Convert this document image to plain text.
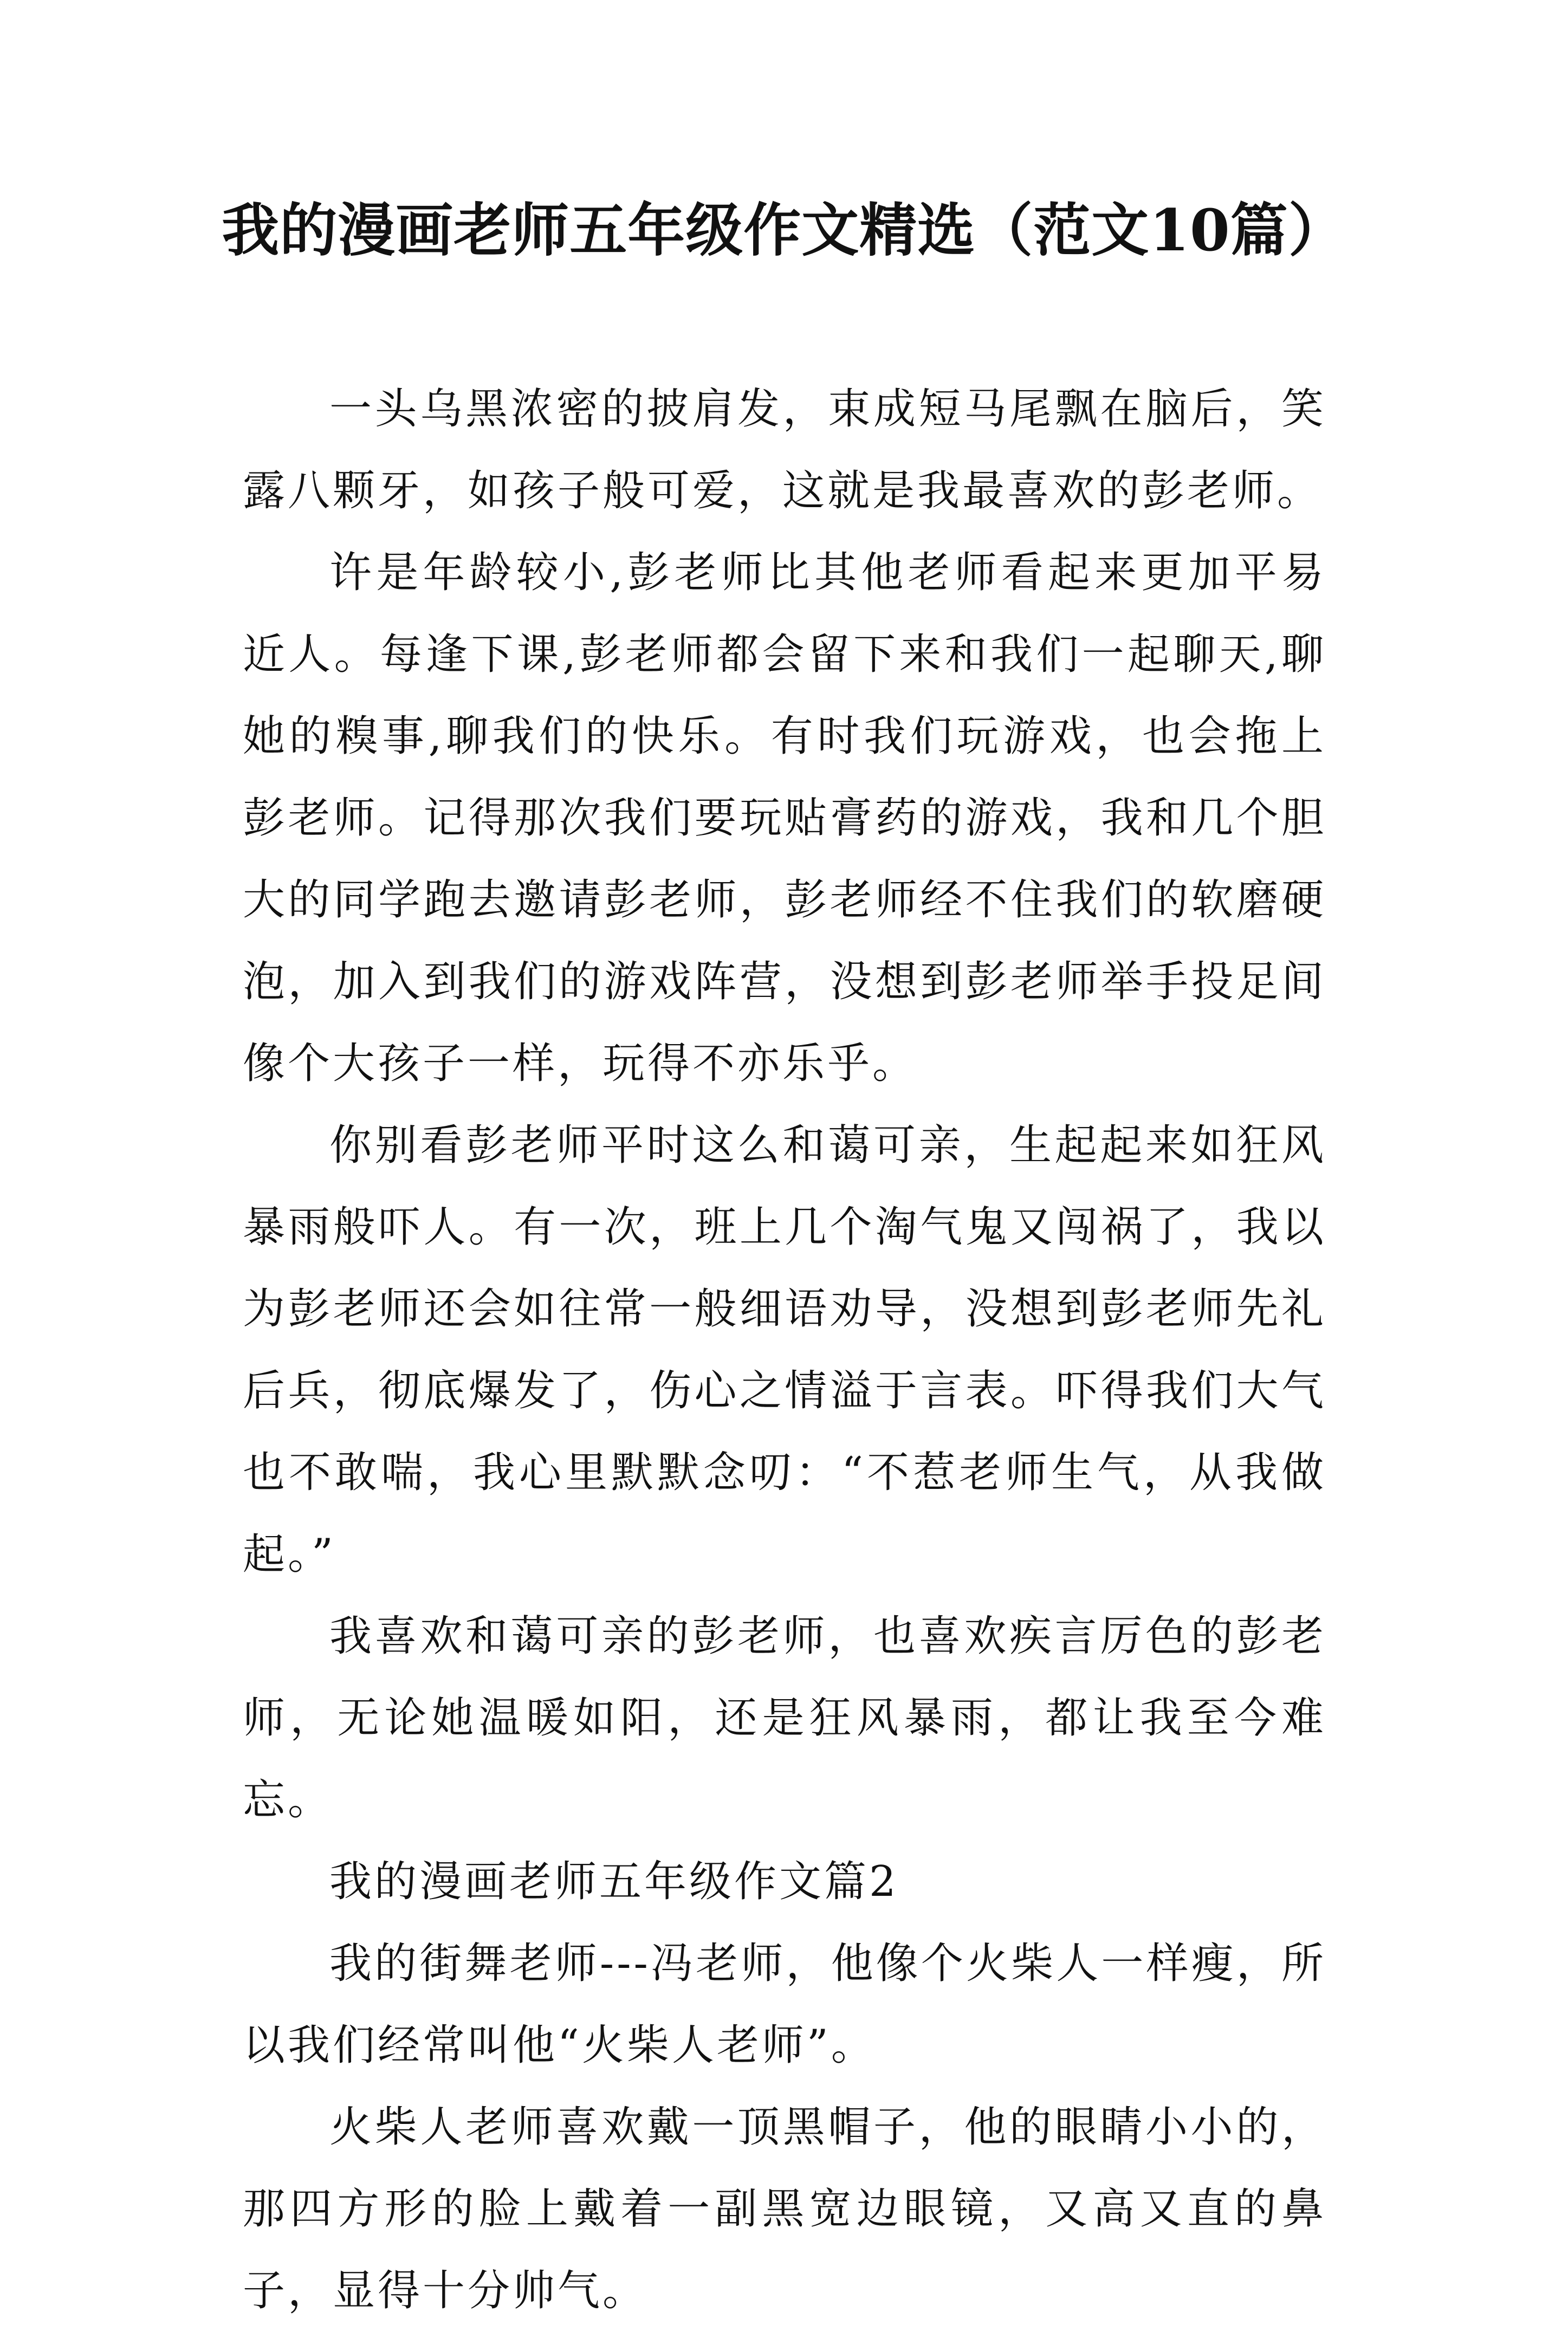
我的漫画老师五年级作文精选（范文10篇）

一头乌黑浓密的披肩发，束成短马尾飘在脑后，笑露八颗牙，如孩子般可爱，这就是我最喜欢的彭老师。

许是年龄较小,彭老师比其他老师看起来更加平易近人。每逢下课,彭老师都会留下来和我们一起聊天,聊她的糗事,聊我们的快乐。有时我们玩游戏，也会拖上彭老师。记得那次我们要玩贴膏药的游戏，我和几个胆大的同学跑去邀请彭老师，彭老师经不住我们的软磨硬泡，加入到我们的游戏阵营，没想到彭老师举手投足间像个大孩子一样，玩得不亦乐乎。

你别看彭老师平时这么和蔼可亲，生起起来如狂风暴雨般吓人。有一次，班上几个淘气鬼又闯祸了，我以为彭老师还会如往常一般细语劝导，没想到彭老师先礼后兵，彻底爆发了，伤心之情溢于言表。吓得我们大气也不敢喘，我心里默默念叨：“不惹老师生气，从我做起。”

我喜欢和蔼可亲的彭老师，也喜欢疾言厉色的彭老师，无论她温暖如阳，还是狂风暴雨，都让我至今难忘。

我的漫画老师五年级作文篇2

我的街舞老师---冯老师，他像个火柴人一样瘦，所以我们经常叫他“火柴人老师”。

火柴人老师喜欢戴一顶黑帽子，他的眼睛小小的，那四方形的脸上戴着一副黑宽边眼镜，又高又直的鼻子，显得十分帅气。
